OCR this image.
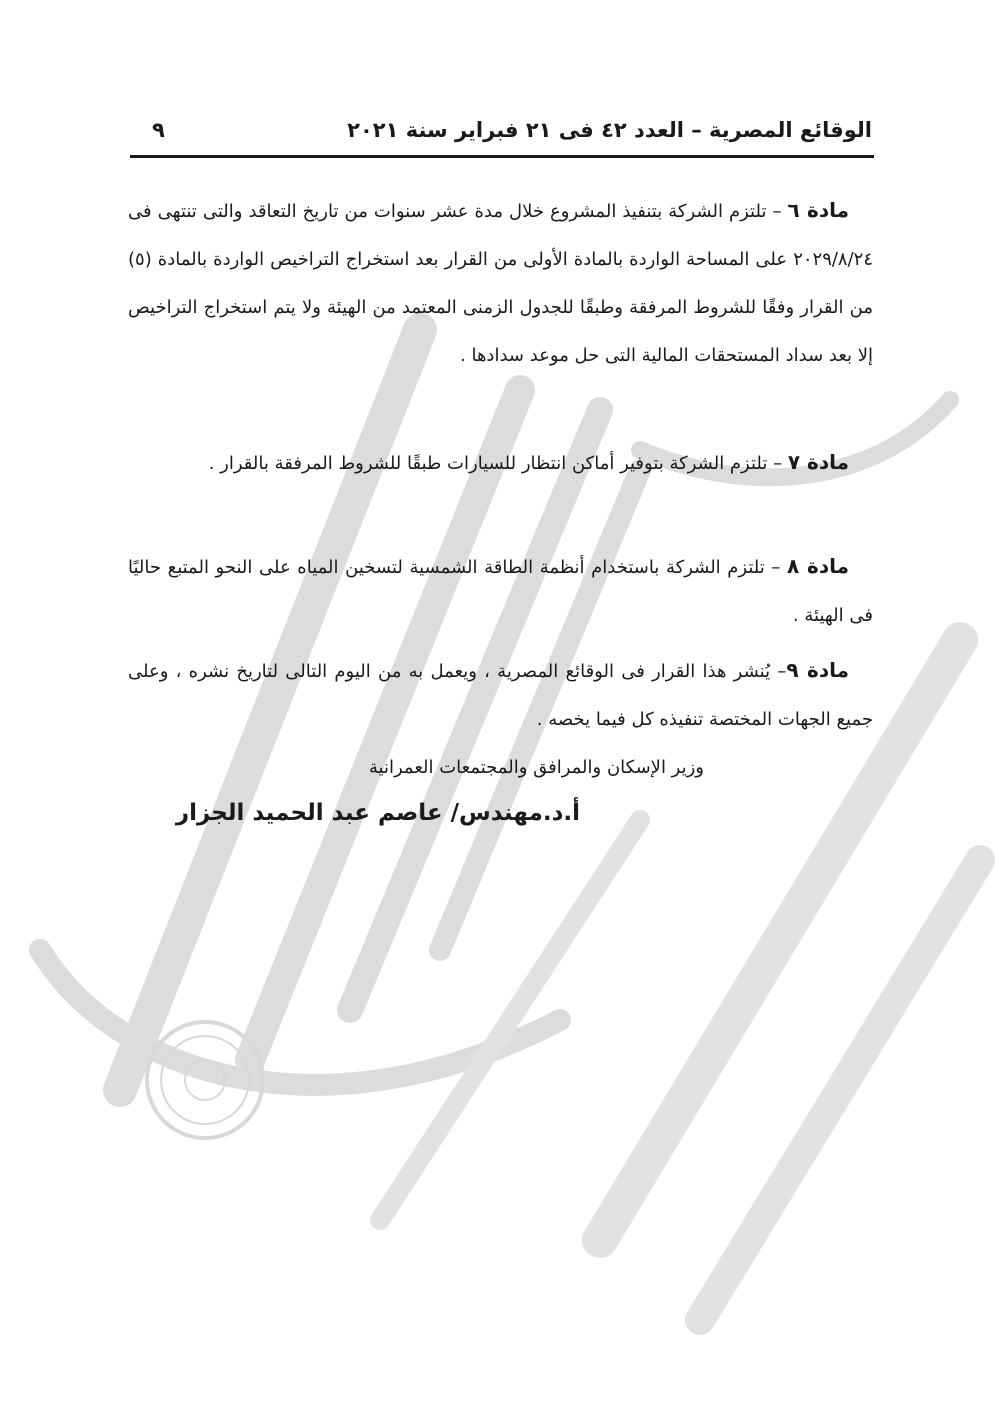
الوقائع المصرية – العدد ٤٢ فى ٢١ فبراير سنة ٢٠٢١
٩

مادة ٦ – تلتزم الشركة بتنفيذ المشروع خلال مدة عشر سنوات من تاريخ التعاقد والتى تنتهى فى ٢٠٢٩/٨/٢٤ على المساحة الواردة بالمادة الأولى من القرار بعد استخراج التراخيص الواردة بالمادة (٥) من القرار وفقًا للشروط المرفقة وطبقًا للجدول الزمنى المعتمد من الهيئة ولا يتم استخراج التراخيص إلا بعد سداد المستحقات المالية التى حل موعد سدادها .

مادة ٧ – تلتزم الشركة بتوفير أماكن انتظار للسيارات طبقًا للشروط المرفقة بالقرار .

مادة ٨ – تلتزم الشركة باستخدام أنظمة الطاقة الشمسية لتسخين المياه على النحو المتبع حاليًا فى الهيئة .

مادة ٩– يُنشر هذا القرار فى الوقائع المصرية ، ويعمل به من اليوم التالى لتاريخ نشره ، وعلى جميع الجهات المختصة تنفيذه كل فيما يخصه .

وزير الإسكان والمرافق والمجتمعات العمرانية
أ.د.مهندس/ عاصم عبد الحميد الجزار
